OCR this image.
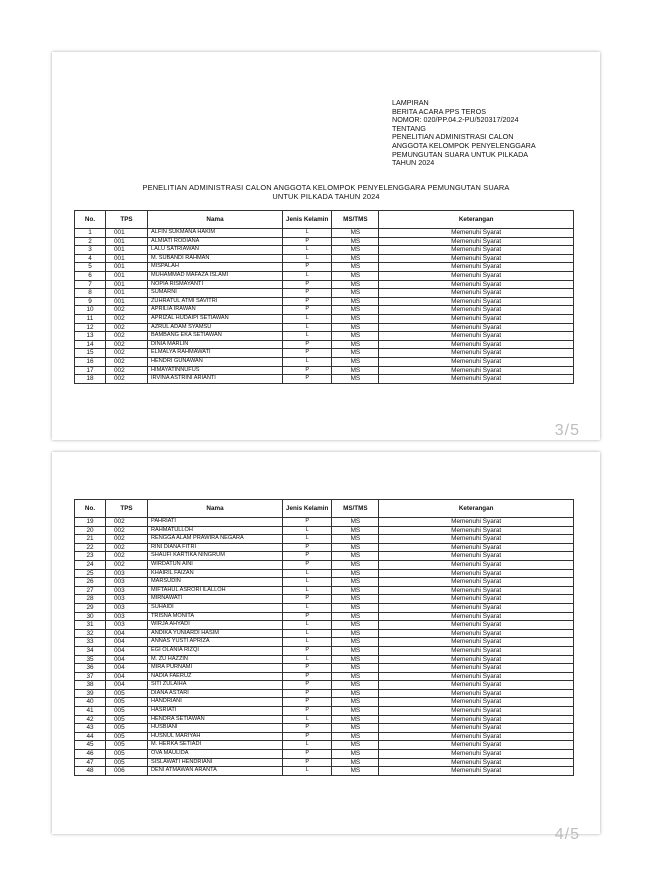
LAMPIRAN
BERITA ACARA PPS TEROS
NOMOR: 020/PP.04.2-PU/520317/2024
TENTANG
PENELITIAN ADMINISTRASI CALON
ANGGOTA KELOMPOK PENYELENGGARA
PEMUNGUTAN SUARA UNTUK PILKADA
TAHUN 2024
PENELITIAN ADMINISTRASI CALON ANGGOTA KELOMPOK PENYELENGGARA PEMUNGUTAN SUARA
UNTUK PILKADA TAHUN 2024
No.	TPS	Nama	Jenis Kelamin	MS/TMS	Keterangan
1	001	ALFIN SUKMANA HAKIM	L	MS	Memenuhi Syarat
2	001	ALMIATI RODIANA	P	MS	Memenuhi Syarat
3	001	LALU SATRIAWAN	L	MS	Memenuhi Syarat
4	001	M. SUBANDI RAHMAN	L	MS	Memenuhi Syarat
5	001	MISPALAH	P	MS	Memenuhi Syarat
6	001	MUHAMMAD MAFAZA ISLAMI	L	MS	Memenuhi Syarat
7	001	NOPIA RISMAYANTI	P	MS	Memenuhi Syarat
8	001	SUMARNI	P	MS	Memenuhi Syarat
9	001	ZUHRATUL ATMI SAVITRI	P	MS	Memenuhi Syarat
10	002	APRILIA IRAWAN	P	MS	Memenuhi Syarat
11	002	APRIZAL HUDAIPI SETIAWAN	L	MS	Memenuhi Syarat
12	002	AZRUL ADAM SYAMSU	L	MS	Memenuhi Syarat
13	002	BAMBANG EKA SETIAWAN	L	MS	Memenuhi Syarat
14	002	DINIA MARLIN	P	MS	Memenuhi Syarat
15	002	ELMALYA RAHMAWATI	P	MS	Memenuhi Syarat
16	002	HENDRI GUNAWAN	L	MS	Memenuhi Syarat
17	002	HIMAYATINNUFUS	P	MS	Memenuhi Syarat
18	002	IRVINA ASTRINI ARIANTI	P	MS	Memenuhi Syarat
3/5
No.	TPS	Nama	Jenis Kelamin	MS/TMS	Keterangan
19	002	PAHRIATI	P	MS	Memenuhi Syarat
20	002	RAHMATULLOH	L	MS	Memenuhi Syarat
21	002	RENGGA ALAM PRAWIRA NEGARA	L	MS	Memenuhi Syarat
22	002	RINI DIANA FITRI	P	MS	Memenuhi Syarat
23	002	SHAUFI KARTIKA NINGRUM	P	MS	Memenuhi Syarat
24	002	WIRDATUN AINI	P	MS	Memenuhi Syarat
25	003	KHAIRIL FAIZAN	L	MS	Memenuhi Syarat
26	003	MARSUDIN	L	MS	Memenuhi Syarat
27	003	MIFTAHUL ASRORI ILALLOH	L	MS	Memenuhi Syarat
28	003	MIRNAWATI	P	MS	Memenuhi Syarat
29	003	SUHAIDI	L	MS	Memenuhi Syarat
30	003	TRISNA MONITA	P	MS	Memenuhi Syarat
31	003	WIRJA AHYADI	L	MS	Memenuhi Syarat
32	004	ANDIKA YUNIARDI HASIM	L	MS	Memenuhi Syarat
33	004	ANNAS YUSTI APRIZA	L	MS	Memenuhi Syarat
34	004	EGI OLANIA RIZQI	P	MS	Memenuhi Syarat
35	004	M. ZU HAZZIN	L	MS	Memenuhi Syarat
36	004	MIRA PURNAMI	P	MS	Memenuhi Syarat
37	004	NADIA FAERUZ	P	MS	Memenuhi Syarat
38	004	SITI ZULAIHA	P	MS	Memenuhi Syarat
39	005	DIANA ASTARI	P	MS	Memenuhi Syarat
40	005	HANDRIANI	P	MS	Memenuhi Syarat
41	005	HASRIATI	P	MS	Memenuhi Syarat
42	005	HENDRA SETIAWAN	L	MS	Memenuhi Syarat
43	005	HUSBIANI	P	MS	Memenuhi Syarat
44	005	HUSNUL MARIYAH	P	MS	Memenuhi Syarat
45	005	M. HERKA SETIADI	L	MS	Memenuhi Syarat
46	005	OVA MAULIDA	P	MS	Memenuhi Syarat
47	005	SISLAWATI HENDRIANI	P	MS	Memenuhi Syarat
48	006	DENI ATMAWAN ARANTA	L	MS	Memenuhi Syarat
4/5
